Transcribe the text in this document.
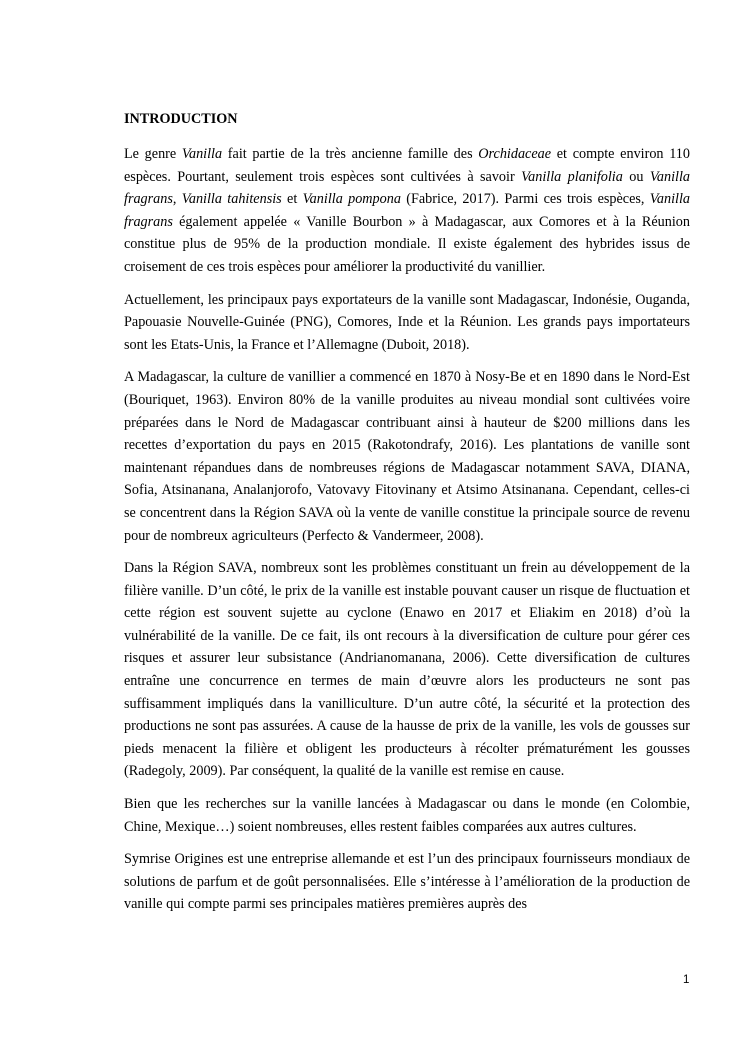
INTRODUCTION

Le genre Vanilla fait partie de la très ancienne famille des Orchidaceae et compte environ 110 espèces. Pourtant, seulement trois espèces sont cultivées à savoir Vanilla planifolia ou Vanilla fragrans, Vanilla tahitensis et Vanilla pompona (Fabrice, 2017). Parmi ces trois espèces, Vanilla fragrans également appelée « Vanille Bourbon » à Madagascar, aux Comores et à la Réunion constitue plus de 95% de la production mondiale. Il existe également des hybrides issus de croisement de ces trois espèces pour améliorer la productivité du vanillier.

Actuellement, les principaux pays exportateurs de la vanille sont Madagascar, Indonésie, Ouganda, Papouasie Nouvelle-Guinée (PNG), Comores, Inde et la Réunion. Les grands pays importateurs sont les Etats-Unis, la France et l’Allemagne (Duboit, 2018).

A Madagascar, la culture de vanillier a commencé en 1870 à Nosy-Be et en 1890 dans le Nord-Est (Bouriquet, 1963). Environ 80% de la vanille produites au niveau mondial sont cultivées voire préparées dans le Nord de Madagascar contribuant ainsi à hauteur de $200 millions dans les recettes d’exportation du pays en 2015 (Rakotondrafy, 2016). Les plantations de vanille sont maintenant répandues dans de nombreuses régions de Madagascar notamment SAVA, DIANA, Sofia, Atsinanana, Analanjorofo, Vatovavy Fitovinany et Atsimo Atsinanana. Cependant, celles-ci se concentrent dans la Région SAVA où la vente de vanille constitue la principale source de revenu pour de nombreux agriculteurs (Perfecto & Vandermeer, 2008).

Dans la Région SAVA, nombreux sont les problèmes constituant un frein au développement de la filière vanille. D’un côté, le prix de la vanille est instable pouvant causer un risque de fluctuation et cette région est souvent sujette au cyclone (Enawo en 2017 et Eliakim en 2018) d’où la vulnérabilité de la vanille. De ce fait, ils ont recours à la diversification de culture pour gérer ces risques et assurer leur subsistance (Andrianomanana, 2006). Cette diversification de cultures entraîne une concurrence en termes de main d’œuvre alors les producteurs ne sont pas suffisamment impliqués dans la vanilliculture. D’un autre côté, la sécurité et la protection des productions ne sont pas assurées. A cause de la hausse de prix de la vanille, les vols de gousses sur pieds menacent la filière et obligent les producteurs à récolter prématurément les gousses (Radegoly, 2009). Par conséquent, la qualité de la vanille est remise en cause.

Bien que les recherches sur la vanille lancées à Madagascar ou dans le monde (en Colombie, Chine, Mexique…) soient nombreuses, elles restent faibles comparées aux autres cultures.

Symrise Origines est une entreprise allemande et est l’un des principaux fournisseurs mondiaux de solutions de parfum et de goût personnalisées. Elle s’intéresse à l’amélioration de la production de vanille qui compte parmi ses principales matières premières auprès des

1
